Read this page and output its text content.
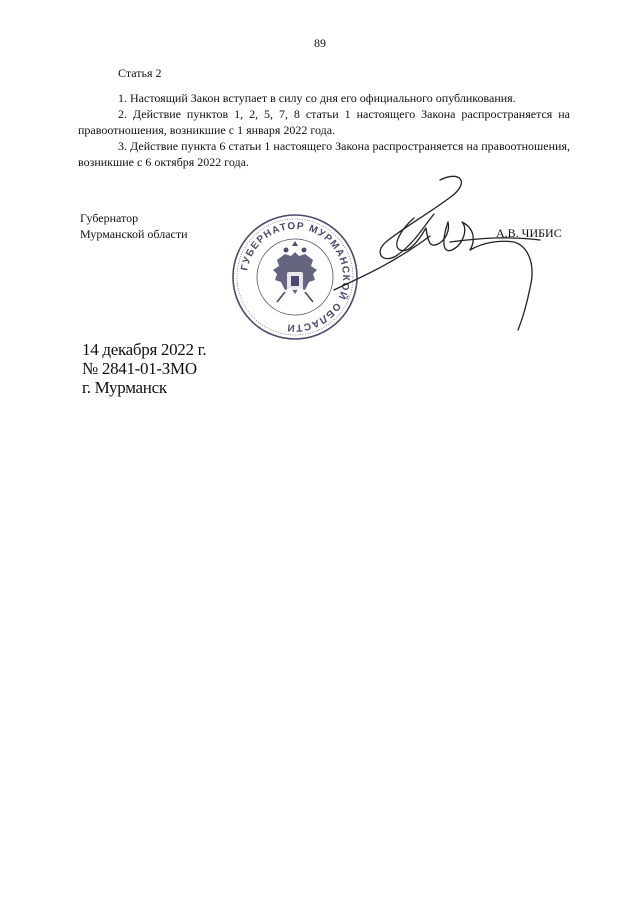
89
Статья 2

1. Настоящий Закон вступает в силу со дня его официального опубликования.

2. Действие пунктов 1, 2, 5, 7, 8 статьи 1 настоящего Закона распространяется на правоотношения, возникшие с 1 января 2022 года.

3. Действие пункта 6 статьи 1 настоящего Закона распространяется на правоотношения, возникшие с 6 октября 2022 года.

Губернатор
Мурманской области	А.В. ЧИБИС
ГУБЕРНАТОР МУРМАНСКОЙ ОБЛАСТИ
14 декабря 2022 г.
№ 2841-01-ЗМО
г. Мурманск
